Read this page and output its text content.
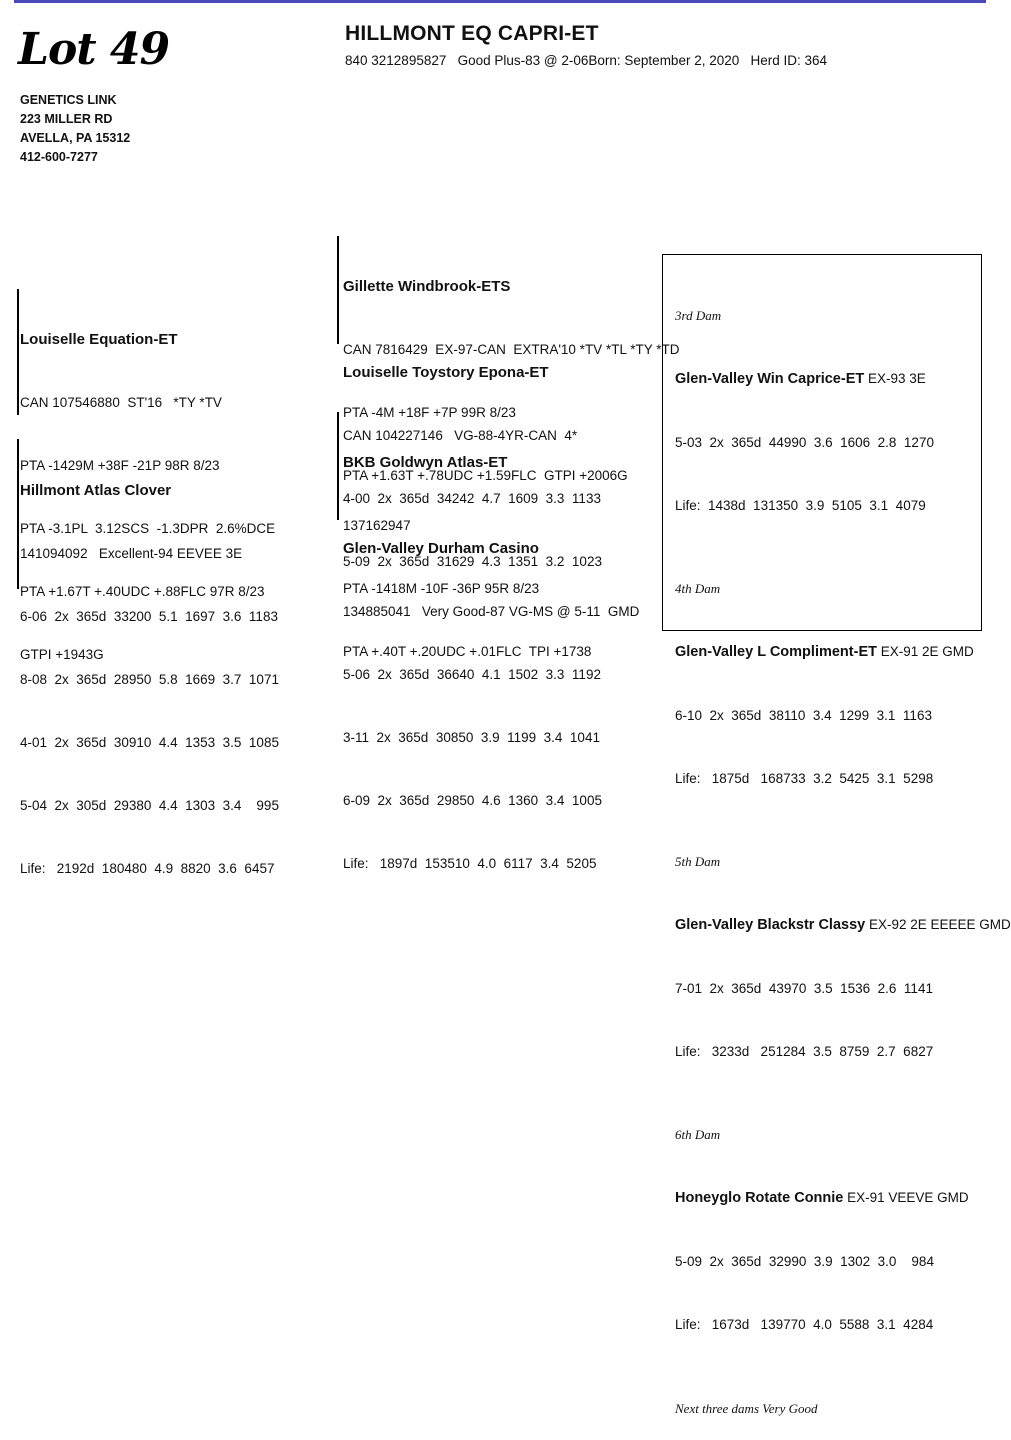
Lot 49
GENETICS LINK
223 MILLER RD
AVELLA, PA 15312
412-600-7277
HILLMONT EQ CAPRI-ET
840 3212895827   Good Plus-83 @ 2-06Born: September 2, 2020   Herd ID: 364

Louiselle Equation-ET

CAN 107546880  ST'16   *TY *TV

PTA -1429M +38F -21P 98R 8/23

PTA -3.1PL  3.12SCS  -1.3DPR  2.6%DCE

PTA +1.67T +.40UDC +.88FLC 97R 8/23

GTPI +1943G

Hillmont Atlas Clover

141094092   Excellent-94 EEVEE 3E

6-06  2x  365d  33200  5.1  1697  3.6  1183

8-08  2x  365d  28950  5.8  1669  3.7  1071

4-01  2x  365d  30910  4.4  1353  3.5  1085

5-04  2x  305d  29380  4.4  1303  3.4    995

Life:   2192d  180480  4.9  8820  3.6  6457

Gillette Windbrook-ETS

CAN 7816429  EX-97-CAN  EXTRA'10 *TV *TL *TY *TD

PTA -4M +18F +7P 99R 8/23

PTA +1.63T +.78UDC +1.59FLC  GTPI +2006G

Louiselle Toystory Epona-ET

CAN 104227146   VG-88-4YR-CAN  4*

4-00  2x  365d  34242  4.7  1609  3.3  1133

5-09  2x  365d  31629  4.3  1351  3.2  1023

BKB Goldwyn Atlas-ET

137162947

PTA -1418M -10F -36P 95R 8/23

PTA +.40T +.20UDC +.01FLC  TPI +1738

Glen-Valley Durham Casino

134885041   Very Good-87 VG-MS @ 5-11  GMD

5-06  2x  365d  36640  4.1  1502  3.3  1192

3-11  2x  365d  30850  3.9  1199  3.4  1041

6-09  2x  365d  29850  4.6  1360  3.4  1005

Life:   1897d  153510  4.0  6117  3.4  5205

3rd Dam

Glen-Valley Win Caprice-ET EX-93 3E

5-03  2x  365d  44990  3.6  1606  2.8  1270

Life:  1438d  131350  3.9  5105  3.1  4079

4th Dam

Glen-Valley L Compliment-ET EX-91 2E GMD

6-10  2x  365d  38110  3.4  1299  3.1  1163

Life:   1875d   168733  3.2  5425  3.1  5298

5th Dam

Glen-Valley Blackstr Classy EX-92 2E EEEEE GMD

7-01  2x  365d  43970  3.5  1536  2.6  1141

Life:   3233d   251284  3.5  8759  2.7  6827

6th Dam

Honeyglo Rotate Connie EX-91 VEEVE GMD

5-09  2x  365d  32990  3.9  1302  3.0    984

Life:   1673d   139770  4.0  5588  3.1  4284

Next three dams Very Good
